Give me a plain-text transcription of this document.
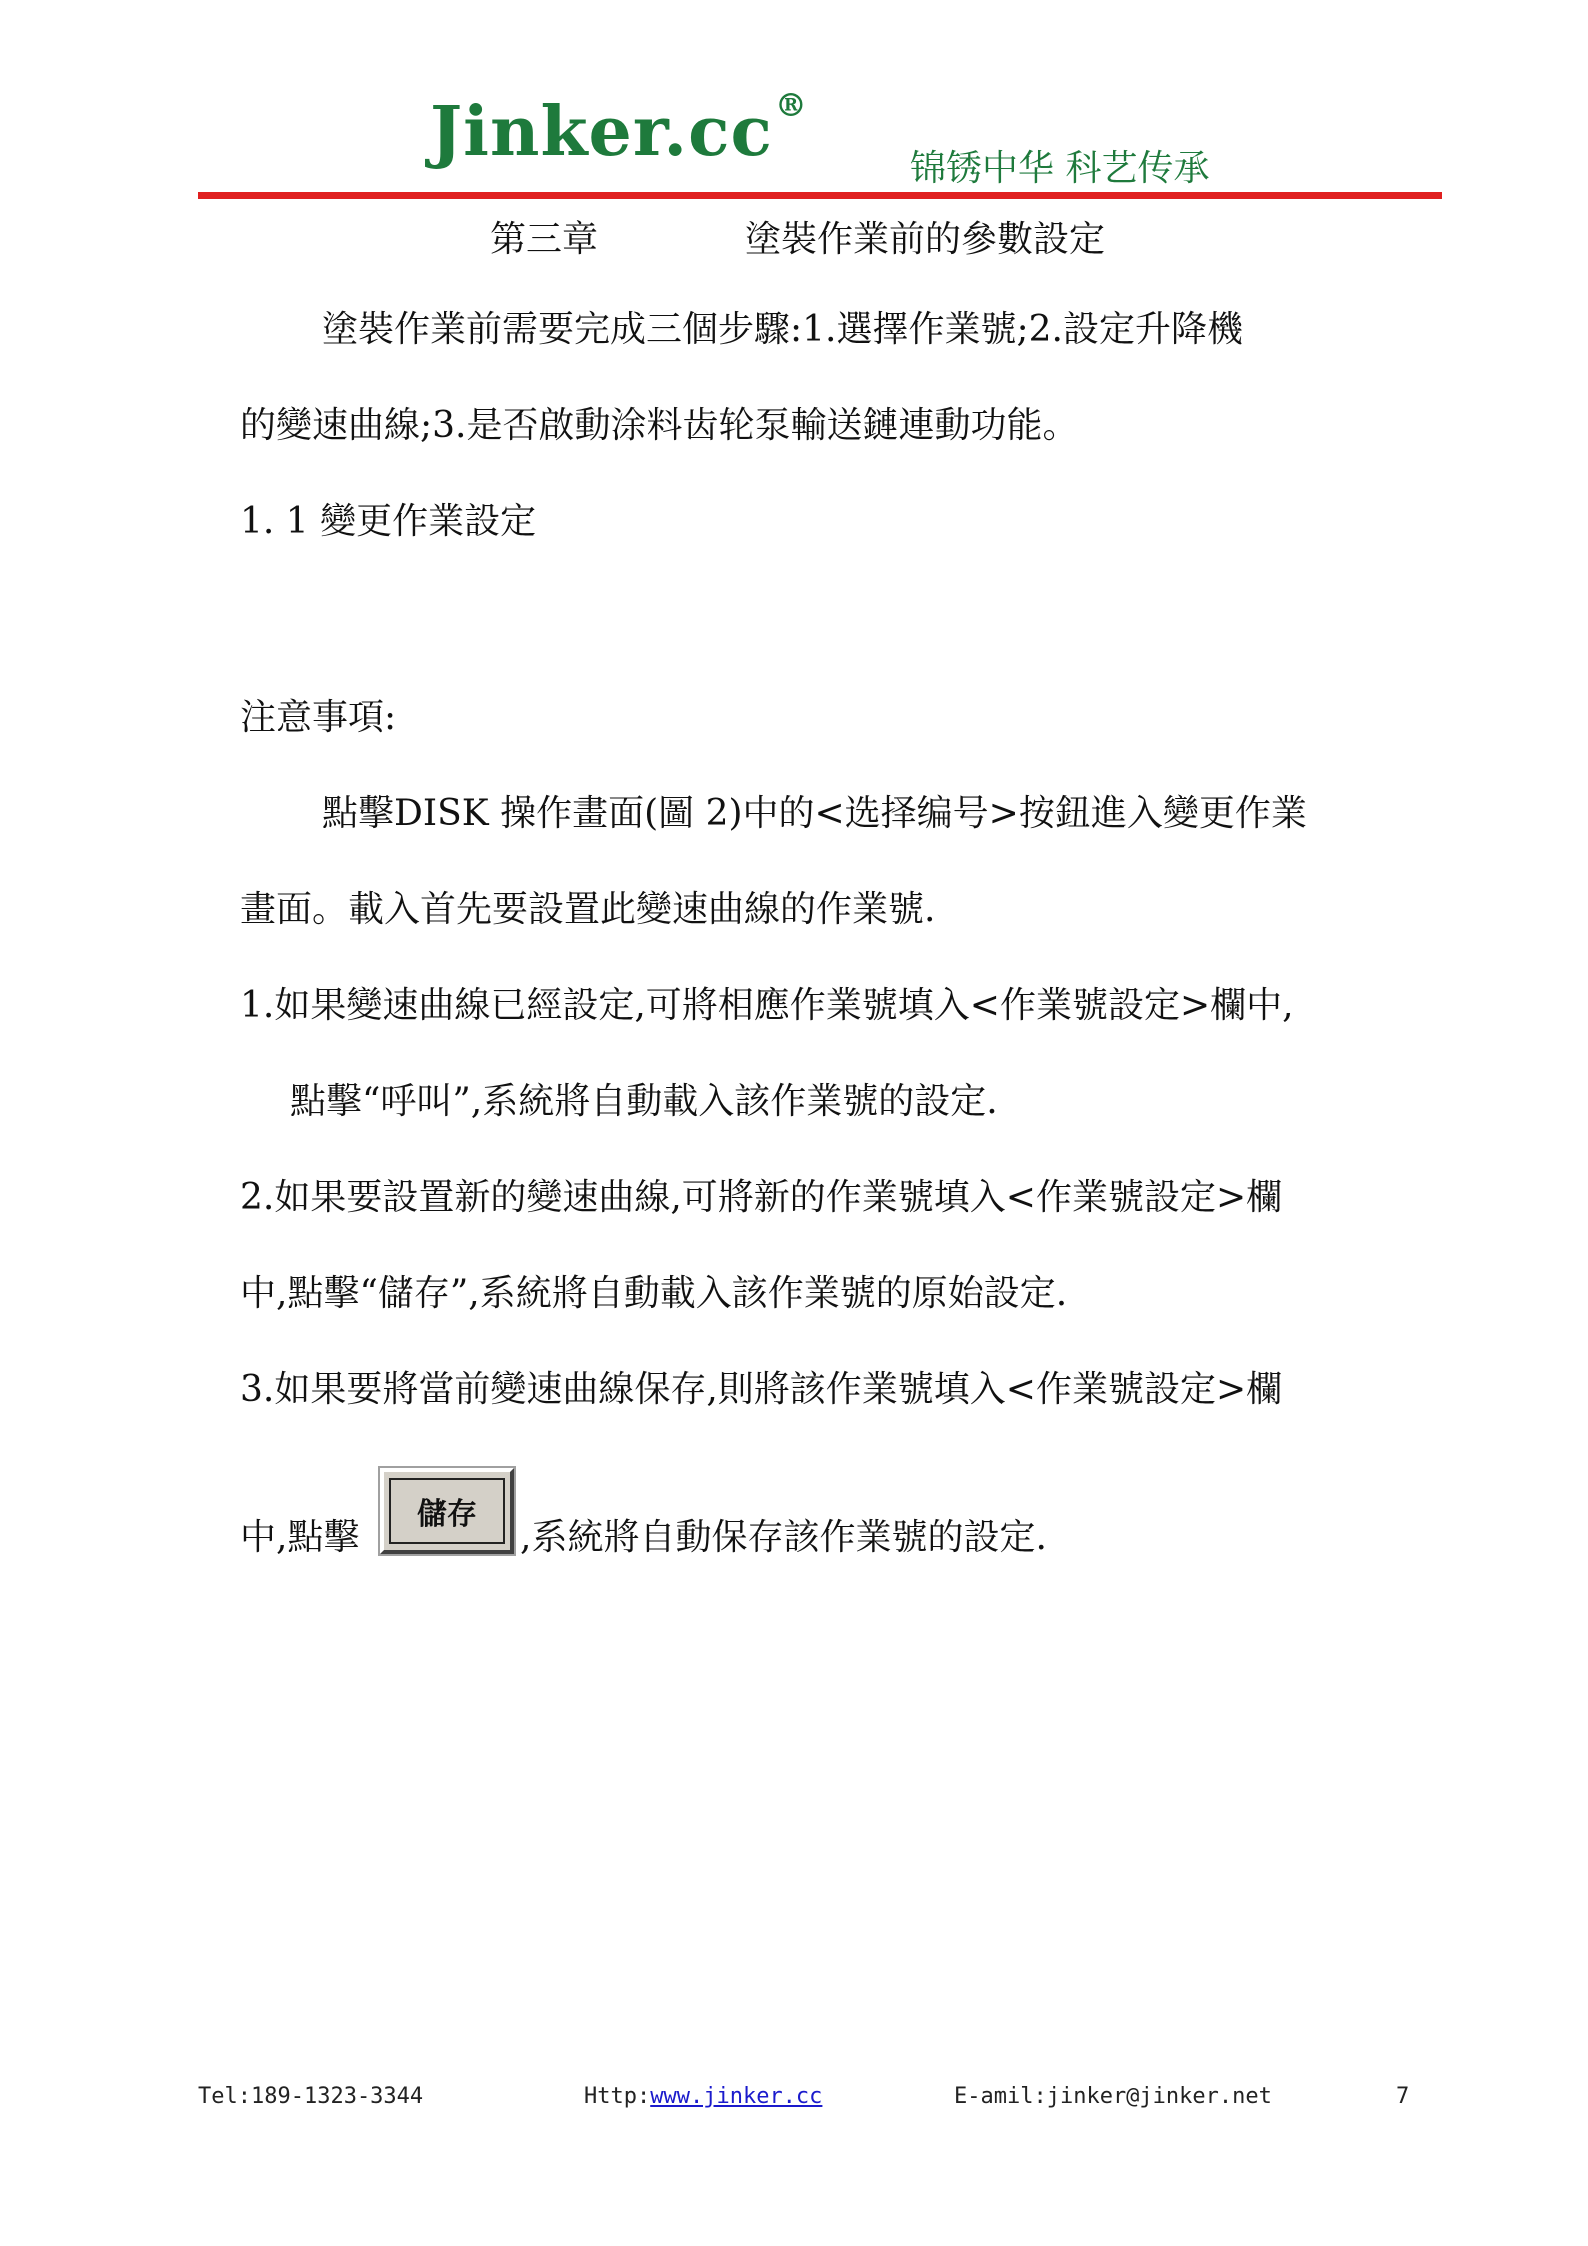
Jinker.cc®
锦锈中华 科艺传承
第三章	塗裝作業前的參數設定
塗裝作業前需要完成三個步驟:1.選擇作業號;2.設定升降機
的變速曲線;3.是否啟動涂料齿轮泵輸送鏈連動功能。
1. 1 變更作業設定
注意事項:
點擊DISK 操作畫面(圖 2)中的<选择编号>按鈕進入變更作業
畫面。載入首先要設置此變速曲線的作業號.
1.如果變速曲線已經設定,可將相應作業號填入<作業號設定>欄中,
點擊“呼叫”,系統將自動載入該作業號的設定.
2.如果要設置新的變速曲線,可將新的作業號填入<作業號設定>欄
中,點擊“儲存”,系統將自動載入該作業號的原始設定.
3.如果要將當前變速曲線保存,則將該作業號填入<作業號設定>欄
中,點擊
儲存
,系統將自動保存該作業號的設定.
Tel:189-1323-3344	Http:www.jinker.cc	E-amil:jinker@jinker.net	7
